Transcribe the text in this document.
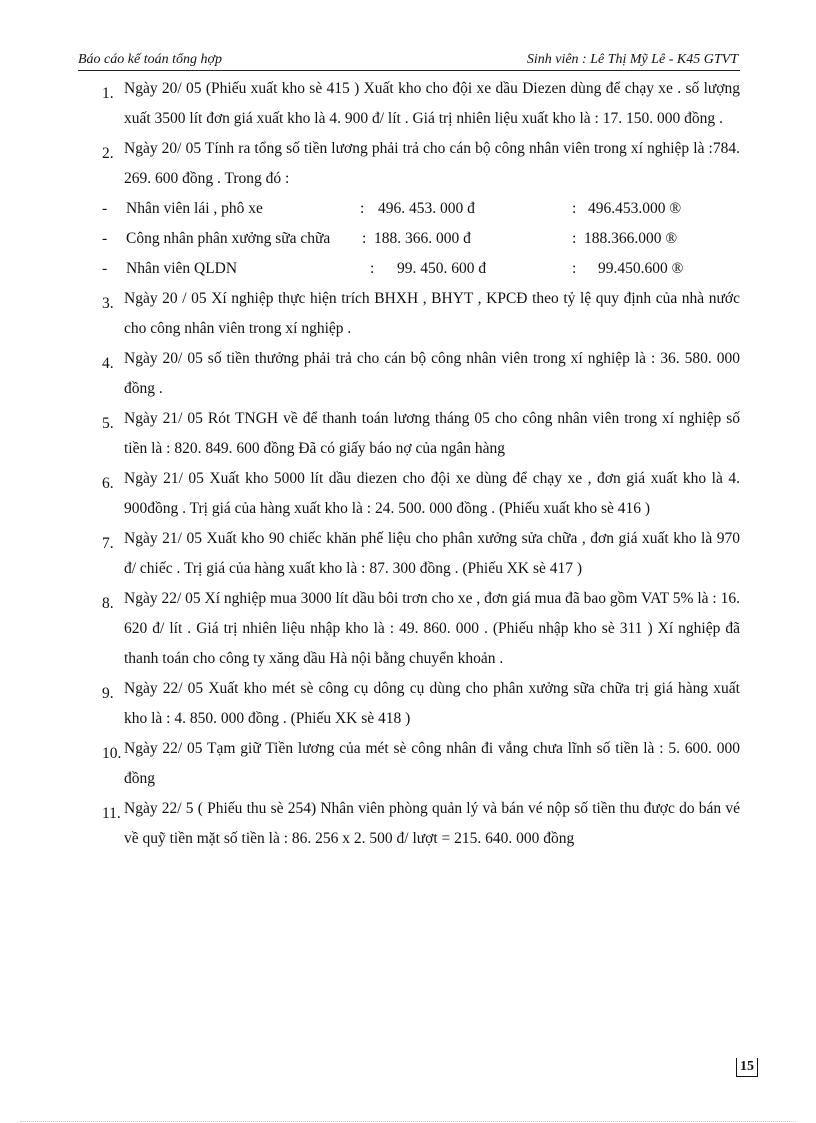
Báo cáo kế toán tổng hợp	Sinh viên : Lê Thị Mỹ Lê - K45 GTVT

1. Ngày 20/ 05 (Phiếu xuất kho sè 415 ) Xuất kho cho đội xe dầu Diezen dùng để chạy xe . số lượng xuất 3500 lít đơn giá xuất kho là 4. 900 đ/ lít . Giá trị nhiên liệu xuất kho là : 17. 150. 000 đồng .

2. Ngày 20/ 05 Tính ra tổng số tiền lương phải trả cho cán bộ công nhân viên trong xí nghiệp là :784. 269. 600 đồng . Trong đó :

- Nhân viên lái , phô xe	: 496. 453. 000 đ	: 496.453.000 ®
- Công nhân phân xưởng sữa chữa : 188. 366. 000 đ	: 188.366.000 ®
- Nhân viên QLDN	: 99. 450. 600 đ	: 99.450.600 ®

3. Ngày 20 / 05 Xí nghiệp thực hiện trích BHXH , BHYT , KPCĐ theo tỷ lệ quy định của nhà nước cho công nhân viên trong xí nghiệp .

4. Ngày 20/ 05 số tiền thưởng phải trả cho cán bộ công nhân viên trong xí nghiệp là : 36. 580. 000 đồng .

5. Ngày 21/ 05 Rót TNGH về để thanh toán lương tháng 05 cho công nhân viên trong xí nghiệp số tiền là : 820. 849. 600 đồng Đã có giấy báo nợ của ngân hàng

6. Ngày 21/ 05 Xuất kho 5000 lít dầu diezen cho đội xe dùng để chạy xe , đơn giá xuất kho là 4. 900đồng . Trị giá của hàng xuất kho là : 24. 500. 000 đồng . (Phiếu xuất kho sè 416 )

7. Ngày 21/ 05 Xuất kho 90 chiếc khăn phế liệu cho phân xưởng sửa chữa , đơn giá xuất kho là 970 đ/ chiếc . Trị giá của hàng xuất kho là : 87. 300 đồng . (Phiếu XK sè 417 )

8. Ngày 22/ 05 Xí nghiệp mua 3000 lít dầu bôi trơn cho xe , đơn giá mua đã bao gồm VAT 5% là : 16. 620 đ/ lít . Giá trị nhiên liệu nhập kho là : 49. 860. 000 . (Phiếu nhập kho sè 311 ) Xí nghiệp đã thanh toán cho công ty xăng dầu Hà nội bằng chuyển khoản .

9. Ngày 22/ 05 Xuất kho mét sè công cụ dông cụ dùng cho phân xưởng sữa chữa trị giá hàng xuất kho là : 4. 850. 000 đồng . (Phiếu XK sè 418 )

10. Ngày 22/ 05 Tạm giữ Tiền lương của mét sè công nhân đi vắng chưa lĩnh số tiền là : 5. 600. 000 đồng

11. Ngày 22/ 5 ( Phiếu thu sè 254) Nhân viên phòng quản lý và bán vé nộp số tiền thu được do bán vé về quỹ tiền mặt số tiền là : 86. 256 x 2. 500 đ/ lượt = 215. 640. 000 đồng

15
